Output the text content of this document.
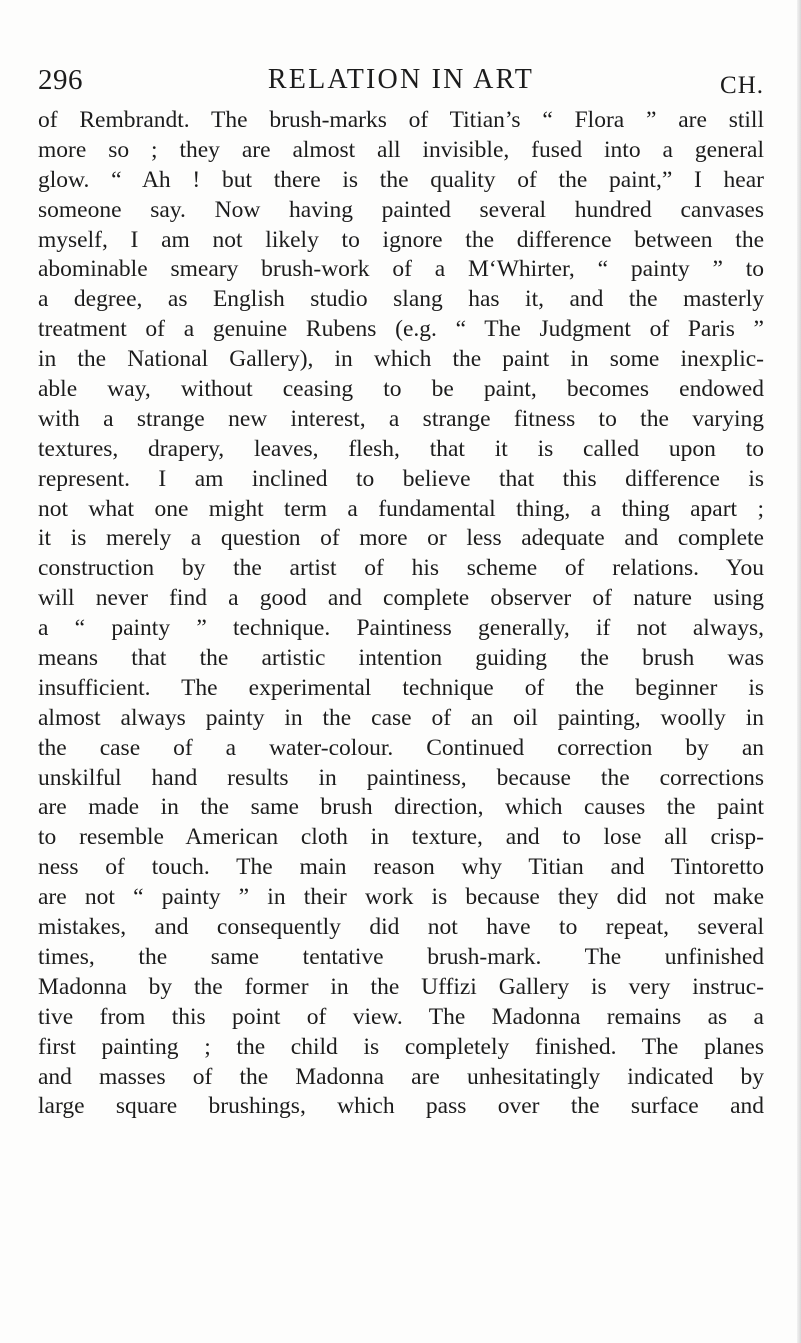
296	RELATION IN ART	CH.
of Rembrandt. The brush-marks of Titian’s “ Flora ” are still
more so ; they are almost all invisible, fused into a general
glow. “ Ah ! but there is the quality of the paint,” I hear
someone say. Now having painted several hundred canvases
myself, I am not likely to ignore the difference between the
abominable smeary brush-work of a M‘Whirter, “ painty ” to
a degree, as English studio slang has it, and the masterly
treatment of a genuine Rubens (e.g. “ The Judgment of Paris ”
in the National Gallery), in which the paint in some inexplic-
able way, without ceasing to be paint, becomes endowed
with a strange new interest, a strange fitness to the varying
textures, drapery, leaves, flesh, that it is called upon to
represent. I am inclined to believe that this difference is
not what one might term a fundamental thing, a thing apart ;
it is merely a question of more or less adequate and complete
construction by the artist of his scheme of relations. You
will never find a good and complete observer of nature using
a “ painty ” technique. Paintiness generally, if not always,
means that the artistic intention guiding the brush was
insufficient. The experimental technique of the beginner is
almost always painty in the case of an oil painting, woolly in
the case of a water-colour. Continued correction by an
unskilful hand results in paintiness, because the corrections
are made in the same brush direction, which causes the paint
to resemble American cloth in texture, and to lose all crisp-
ness of touch. The main reason why Titian and Tintoretto
are not “ painty ” in their work is because they did not make
mistakes, and consequently did not have to repeat, several
times, the same tentative brush-mark. The unfinished
Madonna by the former in the Uffizi Gallery is very instruc-
tive from this point of view. The Madonna remains as a
first painting ; the child is completely finished. The planes
and masses of the Madonna are unhesitatingly indicated by
large square brushings, which pass over the surface and
